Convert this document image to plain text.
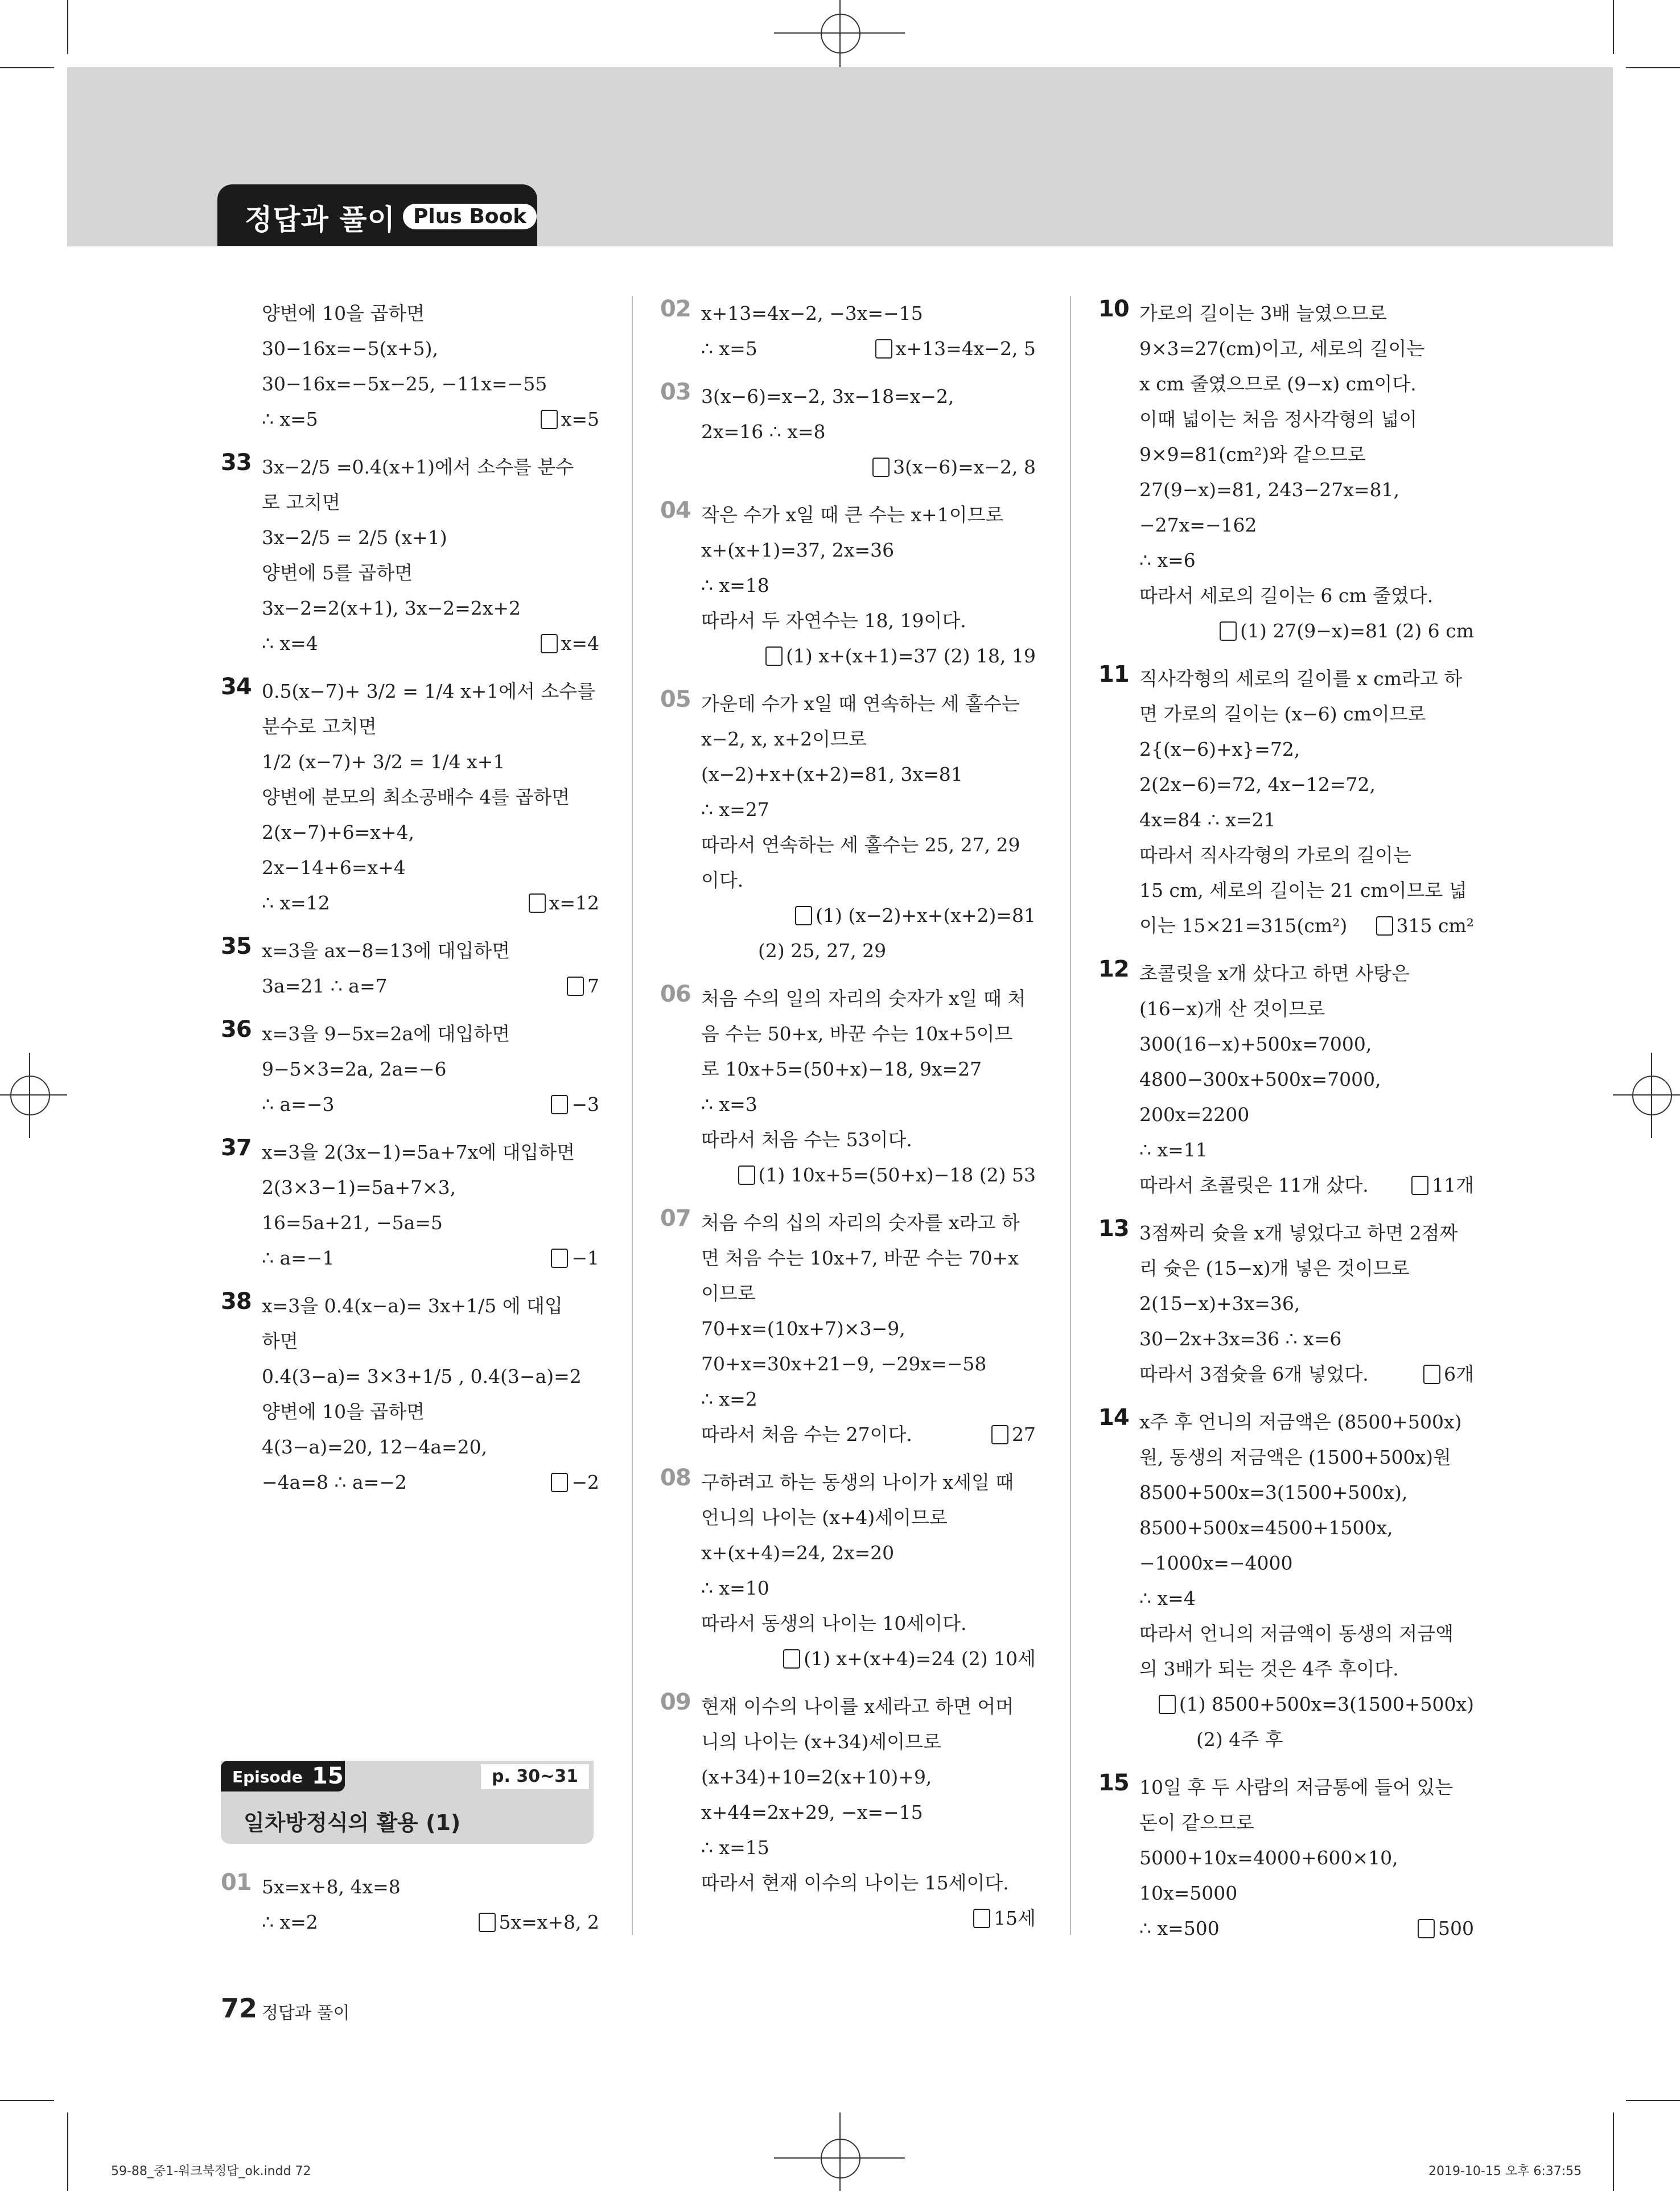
정답과 풀이 Plus Book
양변에 10을 곱하면
30−16x=−5(x+5),
30−16x=−5x−25, −11x=−55
∴ x=5	x=5
33 3x−2/5 =0.4(x+1)에서 소수를 분수
로 고치면
3x−2/5 = 2/5 (x+1)
양변에 5를 곱하면
3x−2=2(x+1), 3x−2=2x+2
∴ x=4	x=4
34 0.5(x−7)+ 3/2 = 1/4 x+1에서 소수를
분수로 고치면
1/2 (x−7)+ 3/2 = 1/4 x+1
양변에 분모의 최소공배수 4를 곱하면
2(x−7)+6=x+4,
2x−14+6=x+4
∴ x=12	x=12
35 x=3을 ax−8=13에 대입하면
3a=21 ∴ a=7	7
36 x=3을 9−5x=2a에 대입하면
9−5×3=2a, 2a=−6
∴ a=−3	−3
37 x=3을 2(3x−1)=5a+7x에 대입하면
2(3×3−1)=5a+7×3,
16=5a+21, −5a=5
∴ a=−1	−1
38 x=3을 0.4(x−a)= 3x+1/5 에 대입
하면
0.4(3−a)= 3×3+1/5 , 0.4(3−a)=2
양변에 10을 곱하면
4(3−a)=20, 12−4a=20,
−4a=8 ∴ a=−2	−2
01 5x=x+8, 4x=8
∴ x=2	5x=x+8, 2
Episode 15	p. 30~31
일차방정식의 활용 (1)
02 x+13=4x−2, −3x=−15
∴ x=5	x+13=4x−2, 5
03 3(x−6)=x−2, 3x−18=x−2,
2x=16 ∴ x=8
3(x−6)=x−2, 8
04 작은 수가 x일 때 큰 수는 x+1이므로
x+(x+1)=37, 2x=36
∴ x=18
따라서 두 자연수는 18, 19이다.
(1) x+(x+1)=37 (2) 18, 19
05 가운데 수가 x일 때 연속하는 세 홀수는
x−2, x, x+2이므로
(x−2)+x+(x+2)=81, 3x=81
∴ x=27
따라서 연속하는 세 홀수는 25, 27, 29
이다.
(1) (x−2)+x+(x+2)=81
(2) 25, 27, 29
06 처음 수의 일의 자리의 숫자가 x일 때 처
음 수는 50+x, 바꾼 수는 10x+5이므
로 10x+5=(50+x)−18, 9x=27
∴ x=3
따라서 처음 수는 53이다.
(1) 10x+5=(50+x)−18 (2) 53
07 처음 수의 십의 자리의 숫자를 x라고 하
면 처음 수는 10x+7, 바꾼 수는 70+x
이므로
70+x=(10x+7)×3−9,
70+x=30x+21−9, −29x=−58
∴ x=2
따라서 처음 수는 27이다.	27
08 구하려고 하는 동생의 나이가 x세일 때
언니의 나이는 (x+4)세이므로
x+(x+4)=24, 2x=20
∴ x=10
따라서 동생의 나이는 10세이다.
(1) x+(x+4)=24 (2) 10세
09 현재 이수의 나이를 x세라고 하면 어머
니의 나이는 (x+34)세이므로
(x+34)+10=2(x+10)+9,
x+44=2x+29, −x=−15
∴ x=15
따라서 현재 이수의 나이는 15세이다.
15세
10 가로의 길이는 3배 늘였으므로
9×3=27(cm)이고, 세로의 길이는
x cm 줄였으므로 (9−x) cm이다.
이때 넓이는 처음 정사각형의 넓이
9×9=81(cm²)와 같으므로
27(9−x)=81, 243−27x=81,
−27x=−162
∴ x=6
따라서 세로의 길이는 6 cm 줄였다.
(1) 27(9−x)=81 (2) 6 cm
11 직사각형의 세로의 길이를 x cm라고 하
면 가로의 길이는 (x−6) cm이므로
2{(x−6)+x}=72,
2(2x−6)=72, 4x−12=72,
4x=84 ∴ x=21
따라서 직사각형의 가로의 길이는
15 cm, 세로의 길이는 21 cm이므로 넓
이는 15×21=315(cm²)	315 cm²
12 초콜릿을 x개 샀다고 하면 사탕은
(16−x)개 산 것이므로
300(16−x)+500x=7000,
4800−300x+500x=7000,
200x=2200
∴ x=11
따라서 초콜릿은 11개 샀다.	11개
13 3점짜리 슛을 x개 넣었다고 하면 2점짜
리 슛은 (15−x)개 넣은 것이므로
2(15−x)+3x=36,
30−2x+3x=36 ∴ x=6
따라서 3점슛을 6개 넣었다.	6개
14 x주 후 언니의 저금액은 (8500+500x)
원, 동생의 저금액은 (1500+500x)원
8500+500x=3(1500+500x),
8500+500x=4500+1500x,
−1000x=−4000
∴ x=4
따라서 언니의 저금액이 동생의 저금액
의 3배가 되는 것은 4주 후이다.
(1) 8500+500x=3(1500+500x)
(2) 4주 후
15 10일 후 두 사람의 저금통에 들어 있는
돈이 같으므로
5000+10x=4000+600×10,
10x=5000
∴ x=500	500
72 정답과 풀이
59-88_중1-워크북정답_ok.indd 72	2019-10-15 오후 6:37:55
